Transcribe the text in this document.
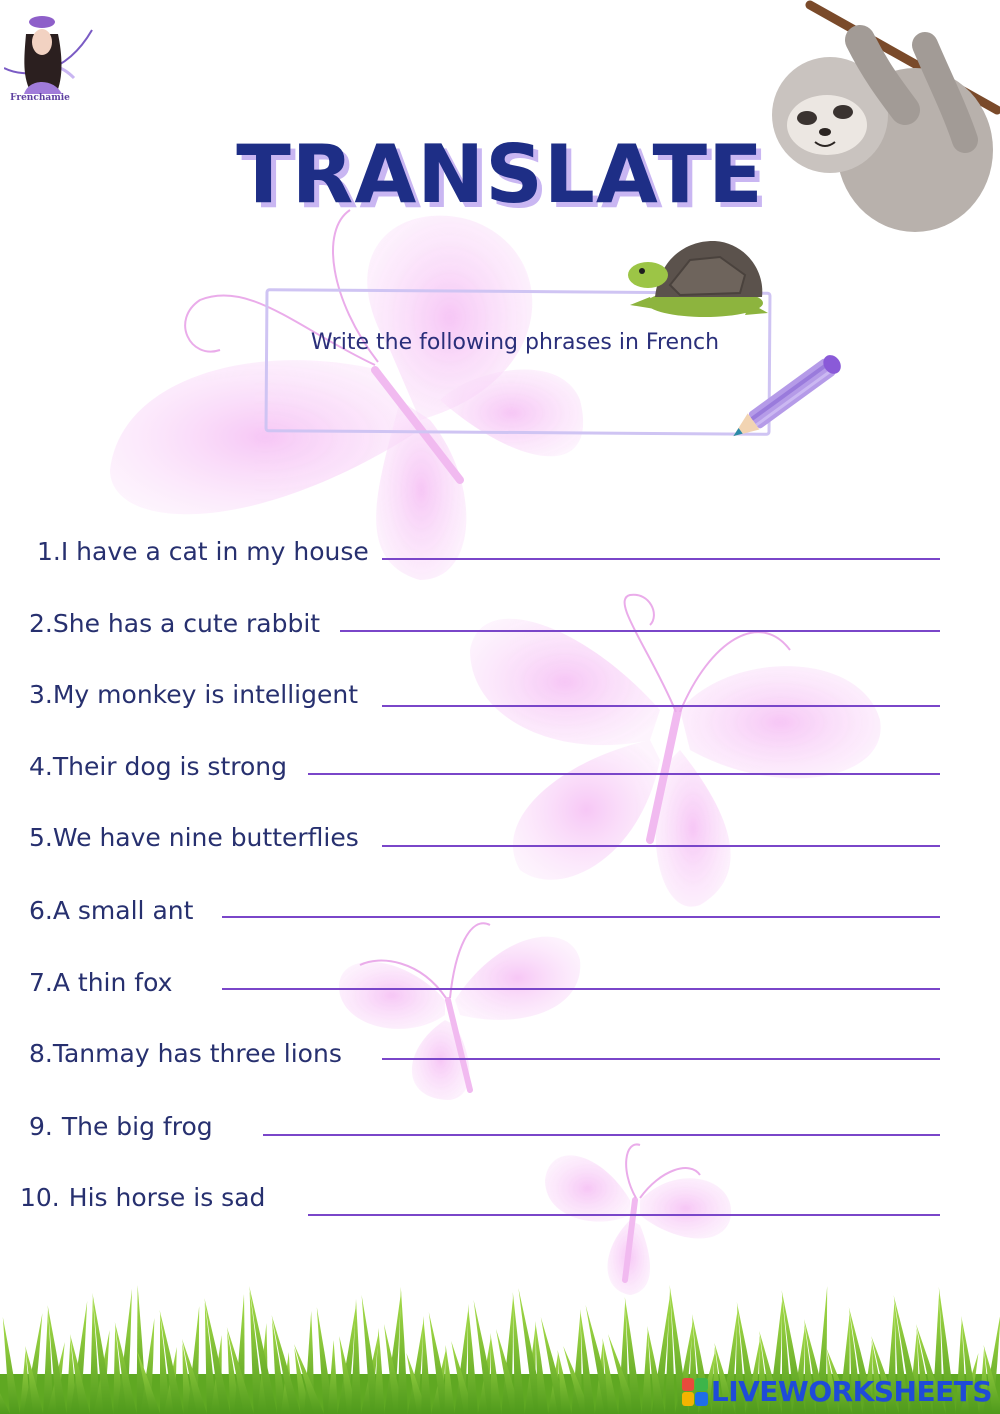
Frenchamie
TRANSLATE
Write the following phrases in French
1.I have a cat in my house
2.She has a cute rabbit
3.My monkey is intelligent
4.Their dog is strong
5.We have nine butterflies
6.A small ant
7.A thin fox
8.Tanmay has three lions
9. The big frog
10. His horse is sad
LIVEWORKSHEETS
